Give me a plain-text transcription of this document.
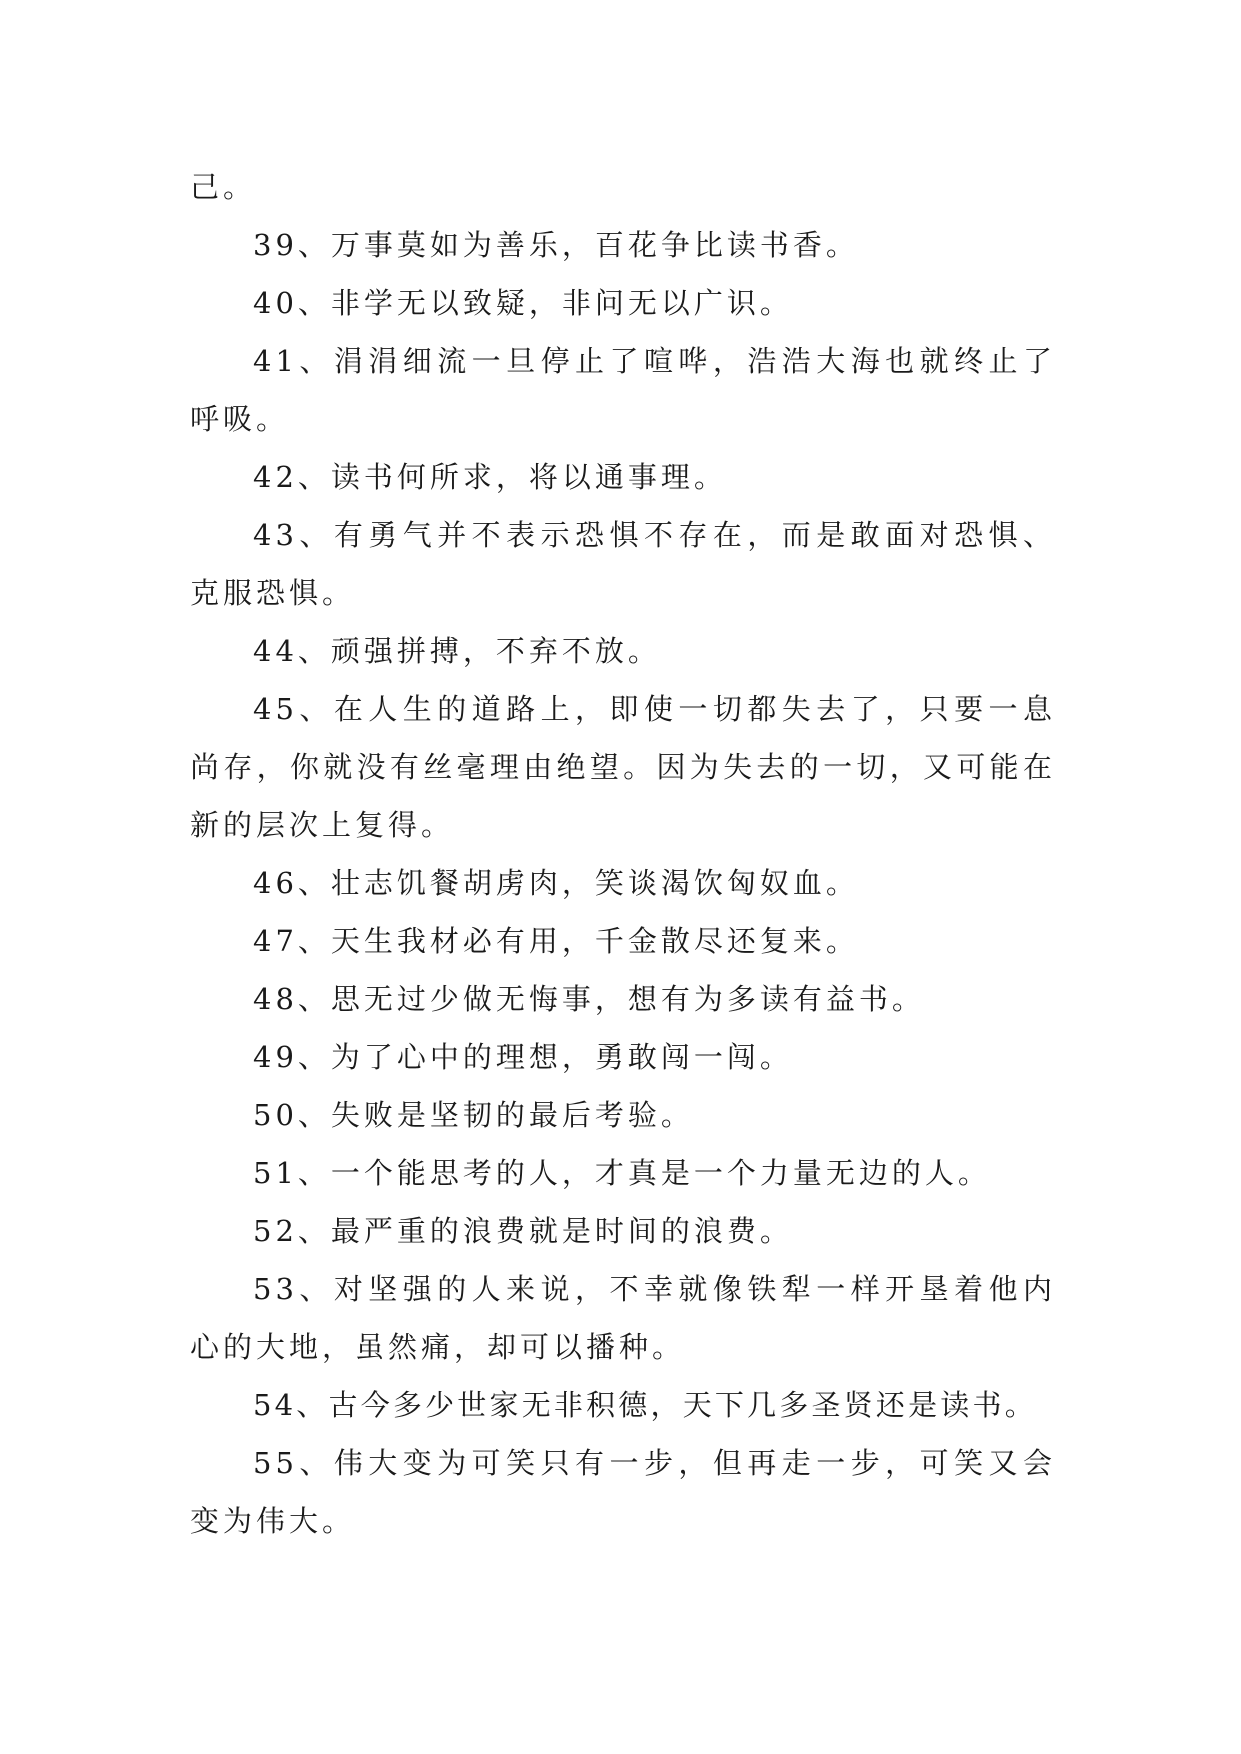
己。

39、万事莫如为善乐，百花争比读书香。

40、非学无以致疑，非问无以广识。

41、涓涓细流一旦停止了喧哗，浩浩大海也就终止了呼吸。

42、读书何所求，将以通事理。

43、有勇气并不表示恐惧不存在，而是敢面对恐惧、克服恐惧。

44、顽强拼搏，不弃不放。

45、在人生的道路上，即使一切都失去了，只要一息尚存，你就没有丝毫理由绝望。因为失去的一切，又可能在新的层次上复得。

46、壮志饥餐胡虏肉，笑谈渴饮匈奴血。

47、天生我材必有用，千金散尽还复来。

48、思无过少做无悔事，想有为多读有益书。

49、为了心中的理想，勇敢闯一闯。

50、失败是坚韧的最后考验。

51、一个能思考的人，才真是一个力量无边的人。

52、最严重的浪费就是时间的浪费。

53、对坚强的人来说，不幸就像铁犁一样开垦着他内心的大地，虽然痛，却可以播种。

54、古今多少世家无非积德，天下几多圣贤还是读书。

55、伟大变为可笑只有一步，但再走一步，可笑又会变为伟大。
